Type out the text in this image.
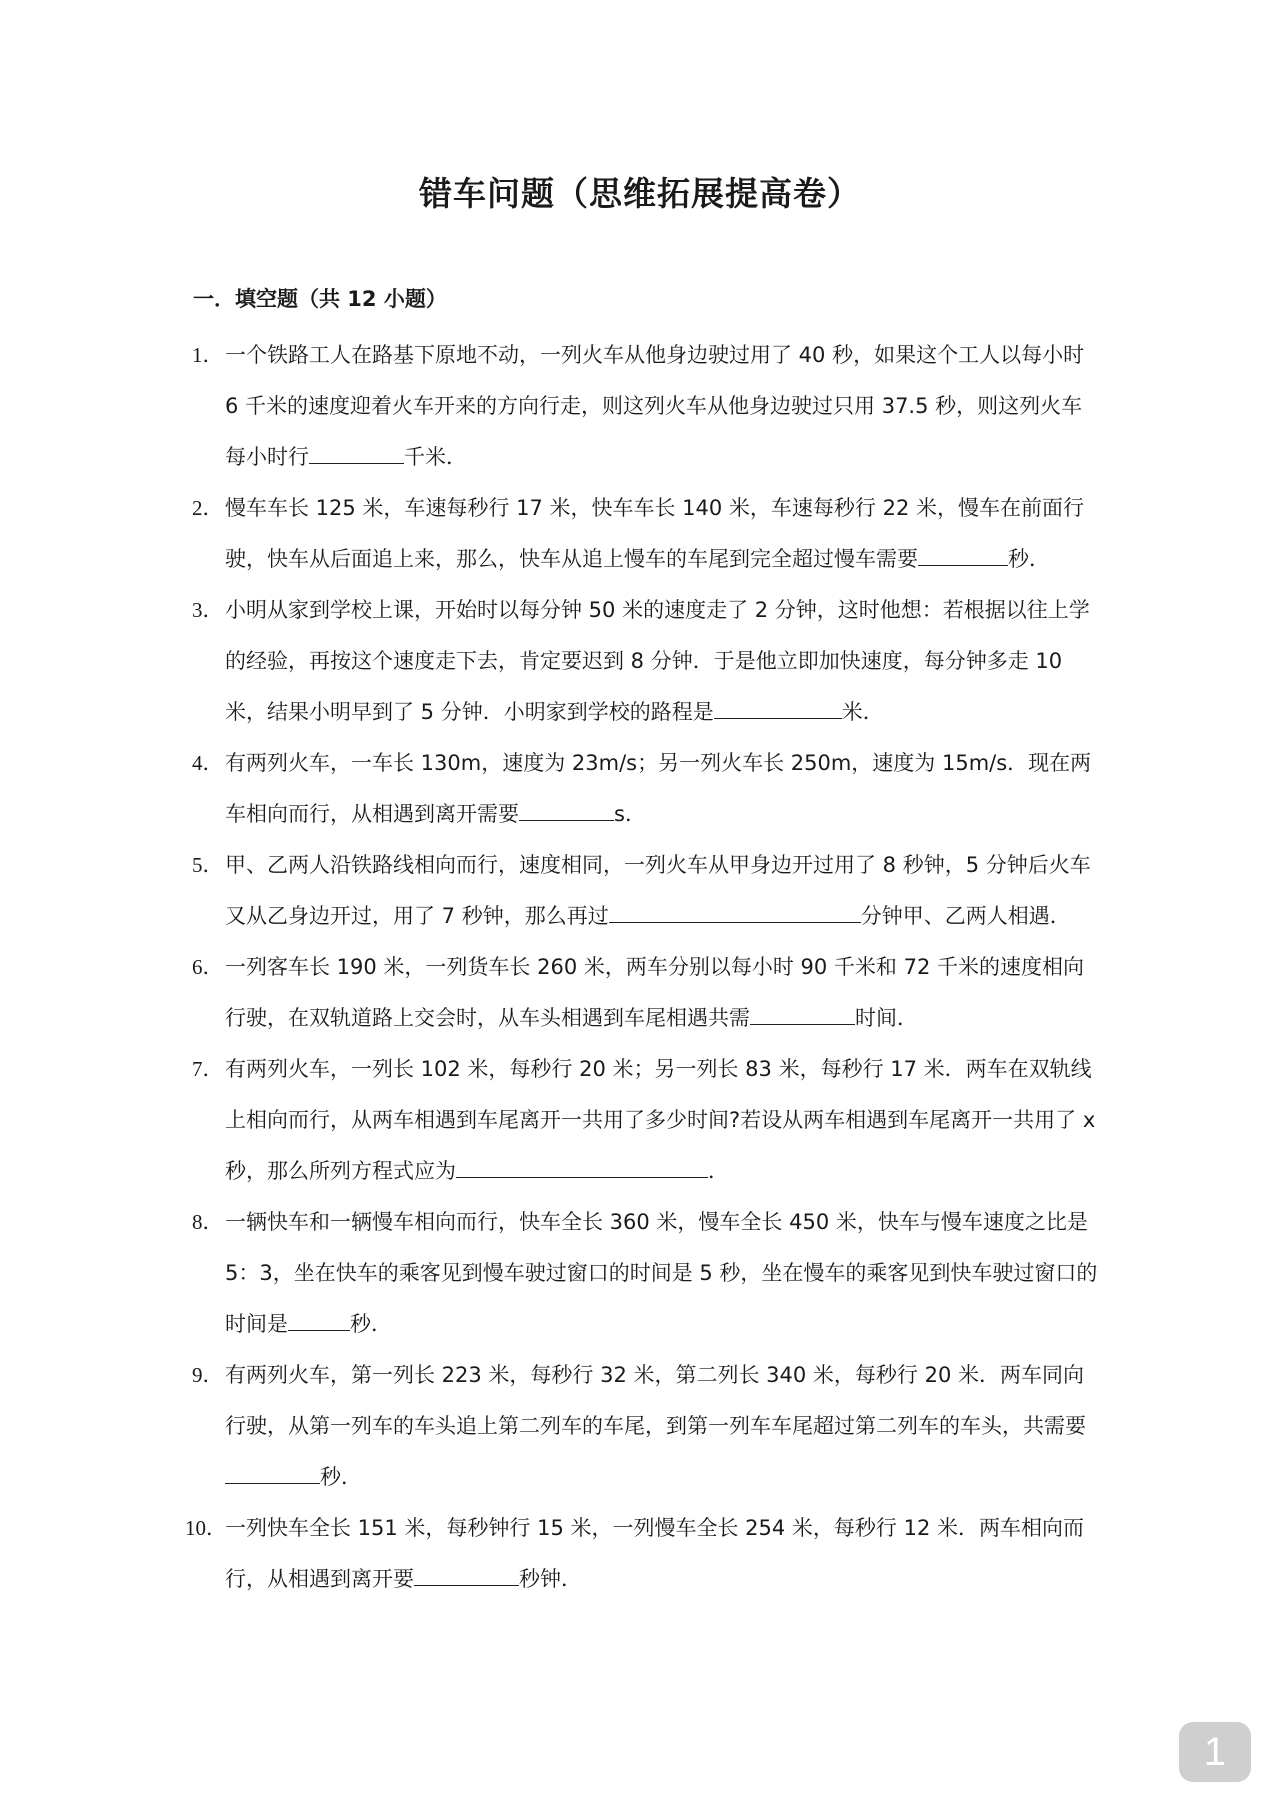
错车问题（思维拓展提高卷）
一．填空题（共 12 小题）
1．一个铁路工人在路基下原地不动，一列火车从他身边驶过用了 40 秒，如果这个工人以每小时 6 千米的速度迎着火车开来的方向行走，则这列火车从他身边驶过只用 37.5 秒，则这列火车每小时行	千米．
2．慢车车长 125 米，车速每秒行 17 米，快车车长 140 米，车速每秒行 22 米，慢车在前面行驶，快车从后面追上来，那么，快车从追上慢车的车尾到完全超过慢车需要	秒．
3．小明从家到学校上课，开始时以每分钟 50 米的速度走了 2 分钟，这时他想：若根据以往上学的经验，再按这个速度走下去，肯定要迟到 8 分钟．于是他立即加快速度，每分钟多走 10 米，结果小明早到了 5 分钟．小明家到学校的路程是	米．
4．有两列火车，一车长 130m，速度为 23m/s；另一列火车长 250m，速度为 15m/s．现在两车相向而行，从相遇到离开需要	s．
5．甲、乙两人沿铁路线相向而行，速度相同，一列火车从甲身边开过用了 8 秒钟，5 分钟后火车又从乙身边开过，用了 7 秒钟，那么再过	分钟甲、乙两人相遇．
6．一列客车长 190 米，一列货车长 260 米，两车分别以每小时 90 千米和 72 千米的速度相向行驶，在双轨道路上交会时，从车头相遇到车尾相遇共需	时间．
7．有两列火车，一列长 102 米，每秒行 20 米；另一列长 83 米，每秒行 17 米．两车在双轨线上相向而行，从两车相遇到车尾离开一共用了多少时间?若设从两车相遇到车尾离开一共用了 x 秒，那么所列方程式应为	．
8．一辆快车和一辆慢车相向而行，快车全长 360 米，慢车全长 450 米，快车与慢车速度之比是 5：3，坐在快车的乘客见到慢车驶过窗口的时间是 5 秒，坐在慢车的乘客见到快车驶过窗口的时间是	秒．
9．有两列火车，第一列长 223 米，每秒行 32 米，第二列长 340 米，每秒行 20 米．两车同向行驶，从第一列车的车头追上第二列车的车尾，到第一列车车尾超过第二列车的车头，共需要秒．
10．一列快车全长 151 米，每秒钟行 15 米，一列慢车全长 254 米，每秒行 12 米．两车相向而行，从相遇到离开要	秒钟．
1
